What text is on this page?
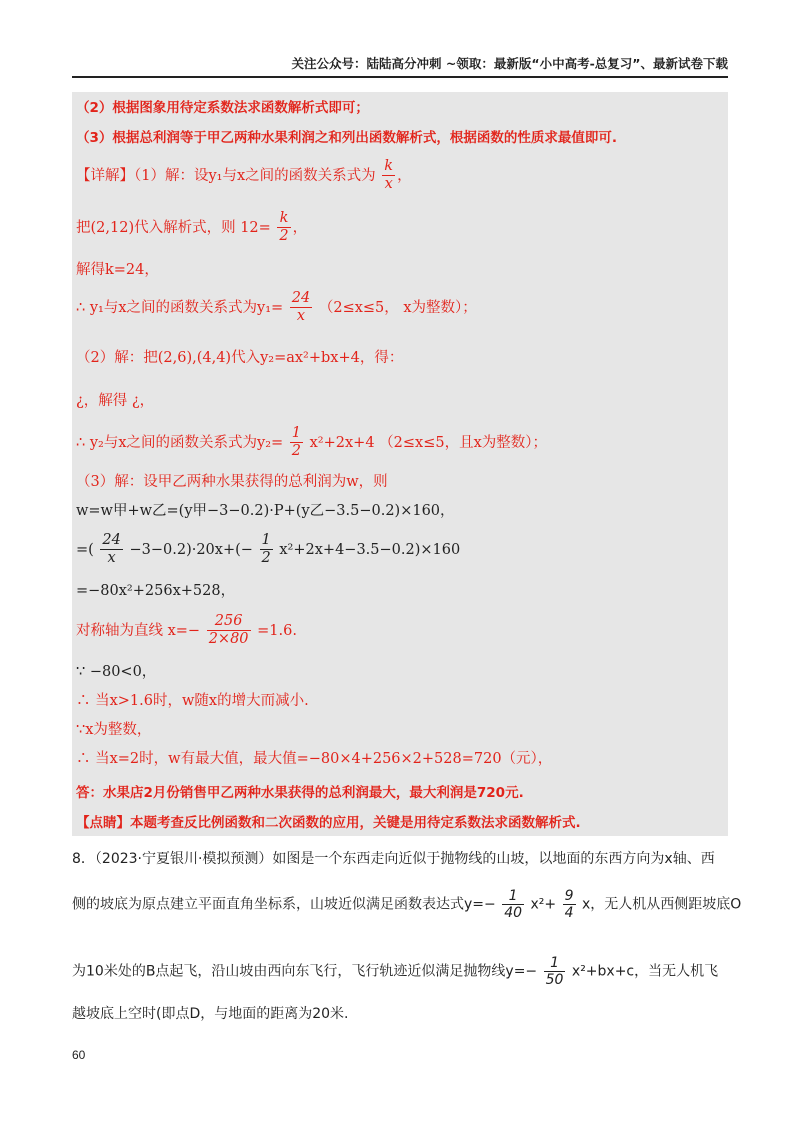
关注公众号：陆陆高分冲刺 ~领取：最新版“小中高考-总复习”、最新试卷下载
（2）根据图象用待定系数法求函数解析式即可；
（3）根据总利润等于甲乙两种水果利润之和列出函数解析式，根据函数的性质求最值即可.
【详解】（1）解：设y₁与x之间的函数关系式为 $\frac{k}{x}$ ，
把(2,12)代入解析式，则 $12= \frac{k}{2}$ ，
解得k=24，
∴ y₁与x之间的函数关系式为$y_1= \frac{24}{x} (2\le x\le 5$， x为整数）；
（2）解：把(2,6),(4,4)代入y₂=ax²+bx+4，得：
¿，解得 ¿，
∴ y₂与x之间的函数关系式为$y_2= \frac{1}{2} x^2+2x+4$ （2≤x≤5，且x为整数）；
（3）解：设甲乙两种水果获得的总利润为w，则
w=w甲+w乙=(y甲−3−0.2)·P+(y乙−3.5−0.2)×160，
=( $\frac{24}{x} -3-0.2)\cdot 20x+(- \frac{1}{2} x^2+2x+4-3.5-0.2)\times 160$
=−80x²+256x+528，
对称轴为直线 $x=- \frac{256}{2\times 80} =1.6$.
∵ −80<0，
∴ 当x>1.6时，w随x的增大而减小.
∵x为整数，
∴ 当x=2时，w有最大值，最大值=−80×4+256×2+528=720（元），
答：水果店2月份销售甲乙两种水果获得的总利润最大，最大利润是720元.
【点睛】本题考查反比例函数和二次函数的应用，关键是用待定系数法求函数解析式.
8．（2023·宁夏银川·模拟预测）如图是一个东西走向近似于抛物线的山坡，以地面的东西方向为x轴、西
侧的坡底为原点建立平面直角坐标系，山坡近似满足函数表达式$y=- \frac{1}{40} x^2+ \frac{9}{4}$ x，无人机从西侧距坡底O
为10米处的B点起飞，沿山坡由西向东飞行，飞行轨迹近似满足抛物线$y=- \frac{1}{50} x^2+bx+c$，当无人机飞
越坡底上空时(即点D，与地面的距离为20米.
60
